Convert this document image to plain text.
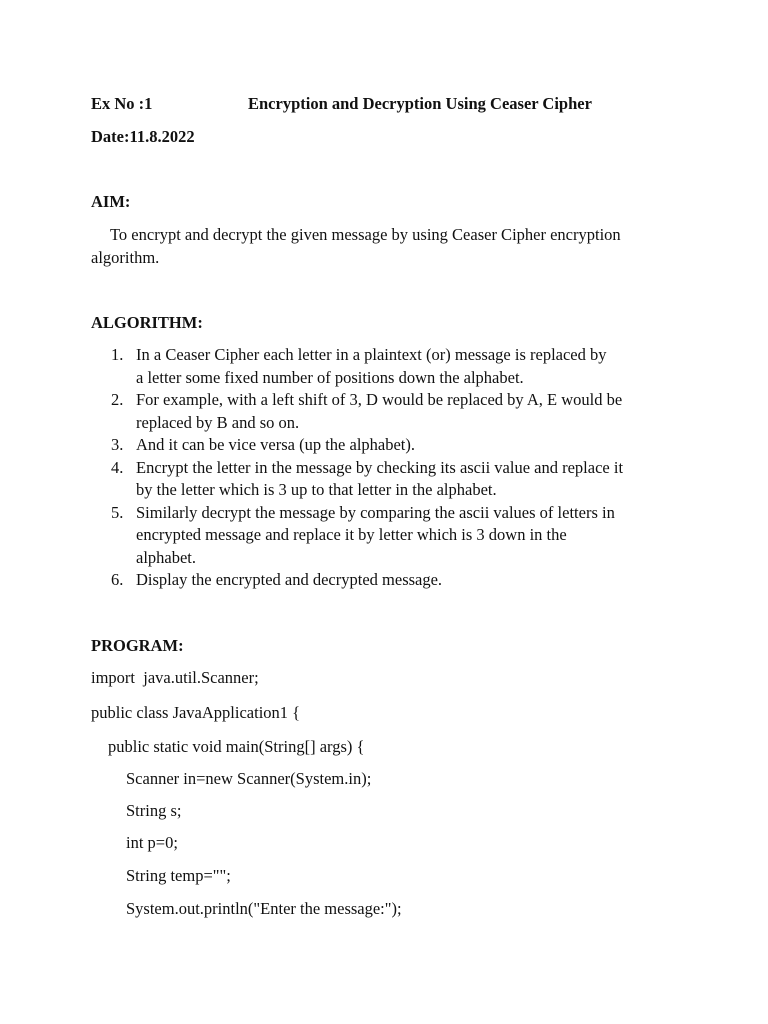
Ex No :1	Encryption and Decryption Using Ceaser Cipher
Date:11.8.2022
AIM:
To encrypt and decrypt the given message by using Ceaser Cipher encryption algorithm.
ALGORITHM:
1. In a Ceaser Cipher each letter in a plaintext (or) message is replaced by
a letter some fixed number of positions down the alphabet.
2. For example, with a left shift of 3, D would be replaced by A, E would be
replaced by B and so on.
3. And it can be vice versa (up the alphabet).
4. Encrypt the letter in the message by checking its ascii value and replace it
by the letter which is 3 up to that letter in the alphabet.
5. Similarly decrypt the message by comparing the ascii values of letters in
encrypted message and replace it by letter which is 3 down in the
alphabet.
6. Display the encrypted and decrypted message.
PROGRAM:
import  java.util.Scanner;
public class JavaApplication1 {
public static void main(String[] args) {
Scanner in=new Scanner(System.in);
String s;
int p=0;
String temp="";
System.out.println("Enter the message:");
